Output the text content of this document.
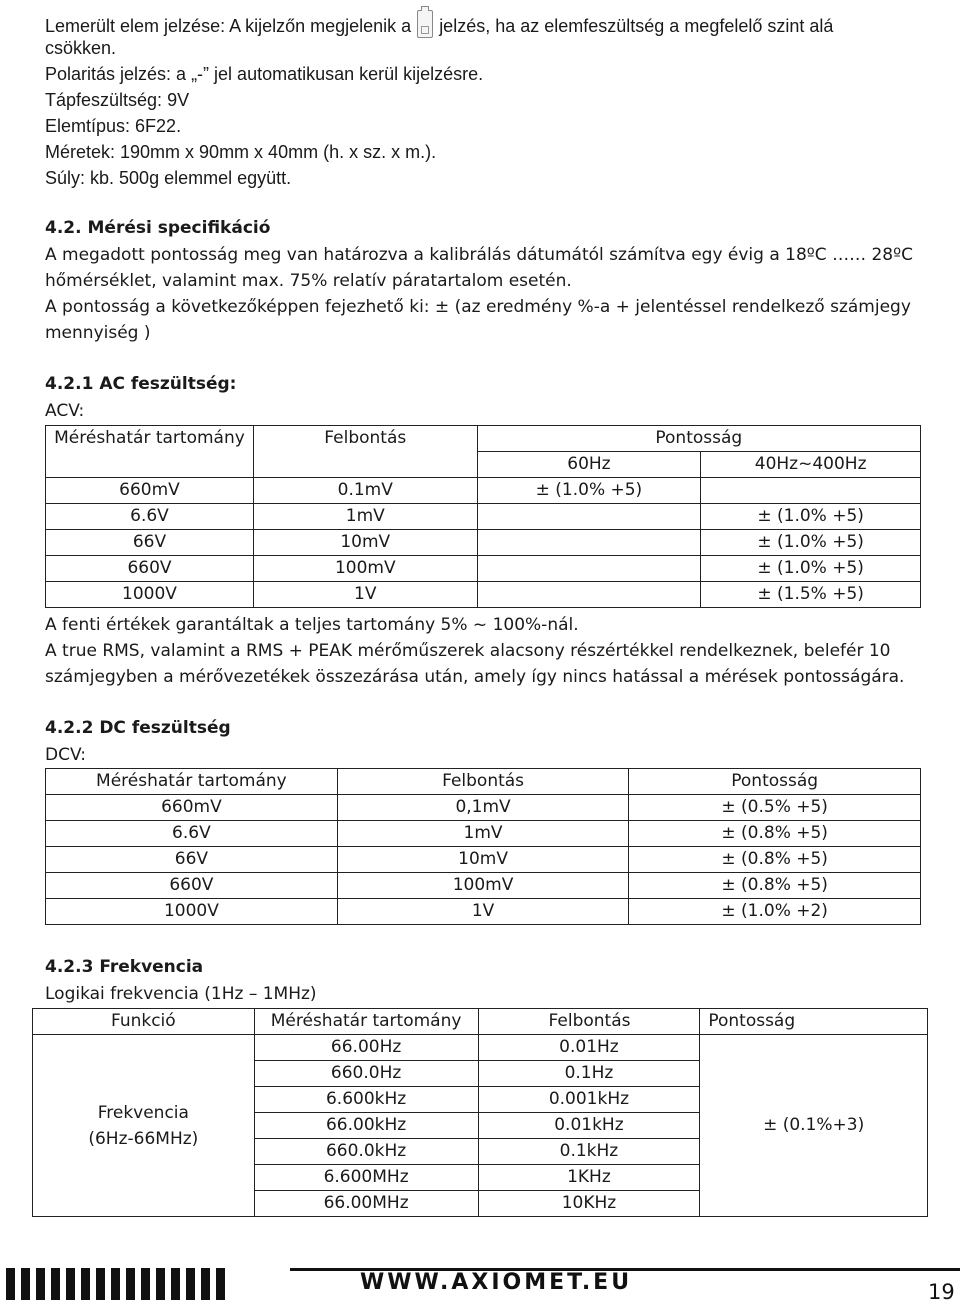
Lemerült elem jelzése: A kijelzőn megjelenik a jelzés, ha az elemfeszültség a megfelelő szint alá
csökken.
Polaritás jelzés: a „-” jel automatikusan kerül kijelzésre.
Tápfeszültség: 9V
Elemtípus: 6F22.
Méretek: 190mm x 90mm x 40mm (h. x sz. x m.).
Súly: kb. 500g elemmel együtt.
4.2. Mérési specifikáció
A megadott pontosság meg van határozva a kalibrálás dátumától számítva egy évig a 18ºC …… 28ºC
hőmérséklet, valamint max. 75% relatív páratartalom esetén.
A pontosság a következőképpen fejezhető ki: ± (az eredmény %-a + jelentéssel rendelkező számjegy
mennyiség )
4.2.1 AC feszültség:
ACV:
Méréshatár tartomány	Felbontás	Pontosság	
		60Hz	40Hz~400Hz
660mV	0.1mV	± (1.0% +5)	
6.6V	1mV		± (1.0% +5)
66V	10mV		± (1.0% +5)
660V	100mV		± (1.0% +5)
1000V	1V		± (1.5% +5)
A fenti értékek garantáltak a teljes tartomány 5% ~ 100%-nál.
A true RMS, valamint a RMS + PEAK mérőműszerek alacsony részértékkel rendelkeznek, belefér 10
számjegyben a mérővezetékek összezárása után, amely így nincs hatással a mérések pontosságára.
4.2.2 DC feszültség
DCV:
Méréshatár tartomány	Felbontás	Pontosság
660mV	0,1mV	± (0.5% +5)
6.6V	1mV	± (0.8% +5)
66V	10mV	± (0.8% +5)
660V	100mV	± (0.8% +5)
1000V	1V	± (1.0% +2)
4.2.3 Frekvencia
Logikai frekvencia (1Hz – 1MHz)
Funkció	Méréshatár tartomány	Felbontás	Pontosság

Frekvencia
(6Hz-66MHz)	66.00Hz	0.01Hz	± (0.1%+3)
	660.0Hz	0.1Hz	
	6.600kHz	0.001kHz	
	66.00kHz	0.01kHz	
	660.0kHz	0.1kHz	
	6.600MHz	1KHz	
	66.00MHz	10KHz	
WWW.AXIOMET.EU	19
